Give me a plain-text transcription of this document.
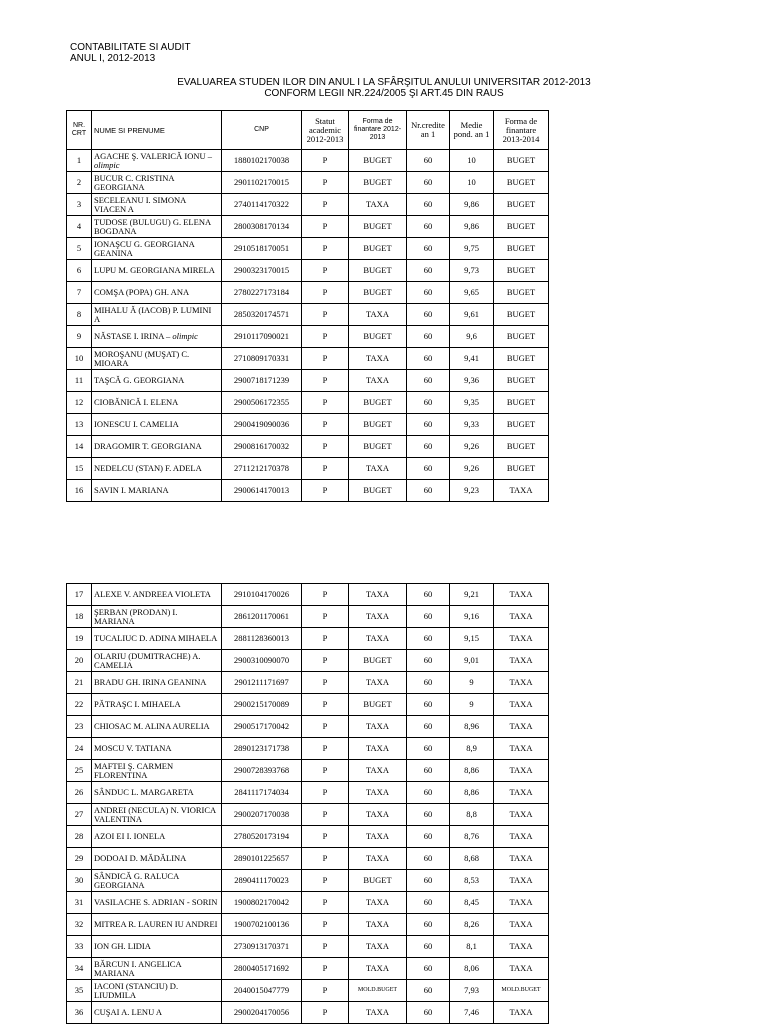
CONTABILITATE SI AUDIT
ANUL I, 2012-2013
EVALUAREA STUDEN ILOR DIN ANUL I LA SFÂRŞITUL ANULUI UNIVERSITAR 2012-2013
CONFORM LEGII NR.224/2005 ŞI ART.45 DIN RAUS
NR. CRT	NUME SI PRENUME	CNP	Statut academic 2012-2013	Forma de finantare 2012-2013	Nr.credite an 1	Medie pond. an 1	Forma de finantare 2013-2014
1	AGACHE Ş. VALERICĂ IONU – olimpic	1880102170038	P	BUGET	60	10	BUGET
2	BUCUR C. CRISTINA GEORGIANA	2901102170015	P	BUGET	60	10	BUGET
3	SECELEANU I. SIMONA VIACEN A	2740114170322	P	TAXA	60	9,86	BUGET
4	TUDOSE (BULUGU) G. ELENA BOGDANA	2800308170134	P	BUGET	60	9,86	BUGET
5	IONAŞCU G. GEORGIANA GEANINA	2910518170051	P	BUGET	60	9,75	BUGET
6	LUPU M. GEORGIANA MIRELA	2900323170015	P	BUGET	60	9,73	BUGET
7	COMŞA (POPA) GH. ANA	2780227173184	P	BUGET	60	9,65	BUGET
8	MIHALU Ă (IACOB) P. LUMINI A	2850320174571	P	TAXA	60	9,61	BUGET
9	NĂSTASE I. IRINA – olimpic	2910117090021	P	BUGET	60	9,6	BUGET
10	MOROŞANU (MUŞAT) C. MIOARA	2710809170331	P	TAXA	60	9,41	BUGET
11	TAŞCĂ G. GEORGIANA	2900718171239	P	TAXA	60	9,36	BUGET
12	CIOBĂNICĂ I. ELENA	2900506172355	P	BUGET	60	9,35	BUGET
13	IONESCU I. CAMELIA	2900419090036	P	BUGET	60	9,33	BUGET
14	DRAGOMIR T. GEORGIANA	2900816170032	P	BUGET	60	9,26	BUGET
15	NEDELCU (STAN) F. ADELA	2711212170378	P	TAXA	60	9,26	BUGET
16	SAVIN I. MARIANA	2900614170013	P	BUGET	60	9,23	TAXA
17	ALEXE V. ANDREEA VIOLETA	2910104170026	P	TAXA	60	9,21	TAXA
18	ŞERBAN (PRODAN) I. MARIANA	2861201170061	P	TAXA	60	9,16	TAXA
19	TUCALIUC D. ADINA MIHAELA	2881128360013	P	TAXA	60	9,15	TAXA
20	OLARIU (DUMITRACHE) A. CAMELIA	2900310090070	P	BUGET	60	9,01	TAXA
21	BRADU GH. IRINA GEANINA	2901211171697	P	TAXA	60	9	TAXA
22	PĂTRAŞC I. MIHAELA	2900215170089	P	BUGET	60	9	TAXA
23	CHIOSAC M. ALINA AURELIA	2900517170042	P	TAXA	60	8,96	TAXA
24	MOSCU V. TATIANA	2890123171738	P	TAXA	60	8,9	TAXA
25	MAFTEI Ş. CARMEN FLORENTINA	2900728393768	P	TAXA	60	8,86	TAXA
26	SÂNDUC L. MARGARETA	2841117174034	P	TAXA	60	8,86	TAXA
27	ANDREI (NECULA) N. VIORICA VALENTINA	2900207170038	P	TAXA	60	8,8	TAXA
28	AZOI EI I. IONELA	2780520173194	P	TAXA	60	8,76	TAXA
29	DODOAI D. MĂDĂLINA	2890101225657	P	TAXA	60	8,68	TAXA
30	SÂNDICĂ G. RALUCA GEORGIANA	2890411170023	P	BUGET	60	8,53	TAXA
31	VASILACHE S. ADRIAN - SORIN	1900802170042	P	TAXA	60	8,45	TAXA
32	MITREA R. LAUREN IU ANDREI	1900702100136	P	TAXA	60	8,26	TAXA
33	ION GH. LIDIA	2730913170371	P	TAXA	60	8,1	TAXA
34	BĂRCUN I. ANGELICA MARIANA	2800405171692	P	TAXA	60	8,06	TAXA
35	IACONI (STANCIU) D. LIUDMILA	2040015047779	P	MOLD.BUGET	60	7,93	MOLD.BUGET
36	CUŞAI A. LENU A	2900204170056	P	TAXA	60	7,46	TAXA
